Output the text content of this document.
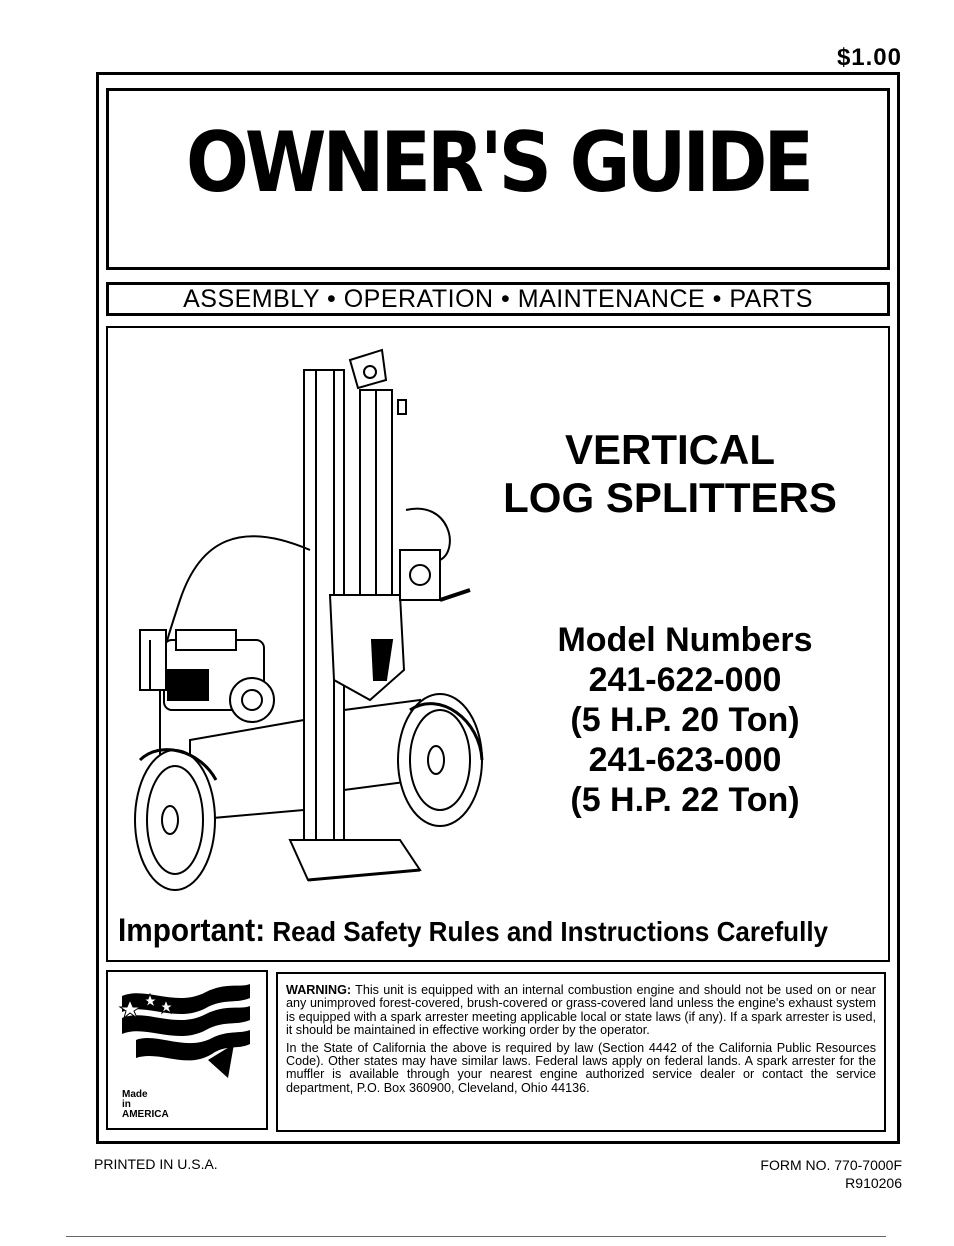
$1.00
OWNER'S GUIDE
ASSEMBLY • OPERATION • MAINTENANCE • PARTS
VERTICAL
LOG SPLITTERS
Model Numbers
241-622-000
(5 H.P. 20 Ton)
241-623-000
(5 H.P. 22 Ton)
Important: Read Safety Rules and Instructions Carefully
Made
in
AMERICA

WARNING: This unit is equipped with an internal combustion engine and should not be used on or near any unimproved forest-covered, brush-covered or grass-covered land unless the engine's exhaust system is equipped with a spark arrester meeting applicable local or state laws (if any). If a spark arrester is used, it should be maintained in effective working order by the operator.

In the State of California the above is required by law (Section 4442 of the California Public Resources Code). Other states may have similar laws. Federal laws apply on federal lands. A spark arrester for the muffler is available through your nearest engine authorized service dealer or contact the service department, P.O. Box 360900, Cleveland, Ohio 44136.

PRINTED IN U.S.A.	FORM NO. 770-7000F
R910206
